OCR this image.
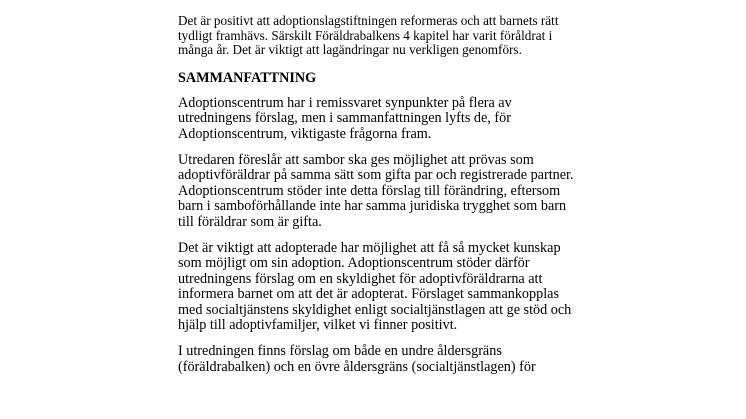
Det är positivt att adoptionslagstiftningen reformeras och att barnets rätt
tydligt framhävs. Särskilt Föräldrabalkens 4 kapitel har varit föråldrat i
många år. Det är viktigt att lagändringar nu verkligen genomförs.

SAMMANFATTNING

Adoptionscentrum har i remissvaret synpunkter på flera av
utredningens förslag, men i sammanfattningen lyfts de, för
Adoptionscentrum, viktigaste frågorna fram.

Utredaren föreslår att sambor ska ges möjlighet att prövas som
adoptivföräldrar på samma sätt som gifta par och registrerade partner.
Adoptionscentrum stöder inte detta förslag till förändring, eftersom
barn i samboförhållande inte har samma juridiska trygghet som barn
till föräldrar som är gifta.

Det är viktigt att adopterade har möjlighet att få så mycket kunskap
som möjligt om sin adoption. Adoptionscentrum stöder därför
utredningens förslag om en skyldighet för adoptivföräldrarna att
informera barnet om att det är adopterat. Förslaget sammankopplas
med socialtjänstens skyldighet enligt socialtjänstlagen att ge stöd och
hjälp till adoptivfamiljer, vilket vi finner positivt.

I utredningen finns förslag om både en undre åldersgräns
(föräldrabalken) och en övre åldersgräns (socialtjänstlagen) för
